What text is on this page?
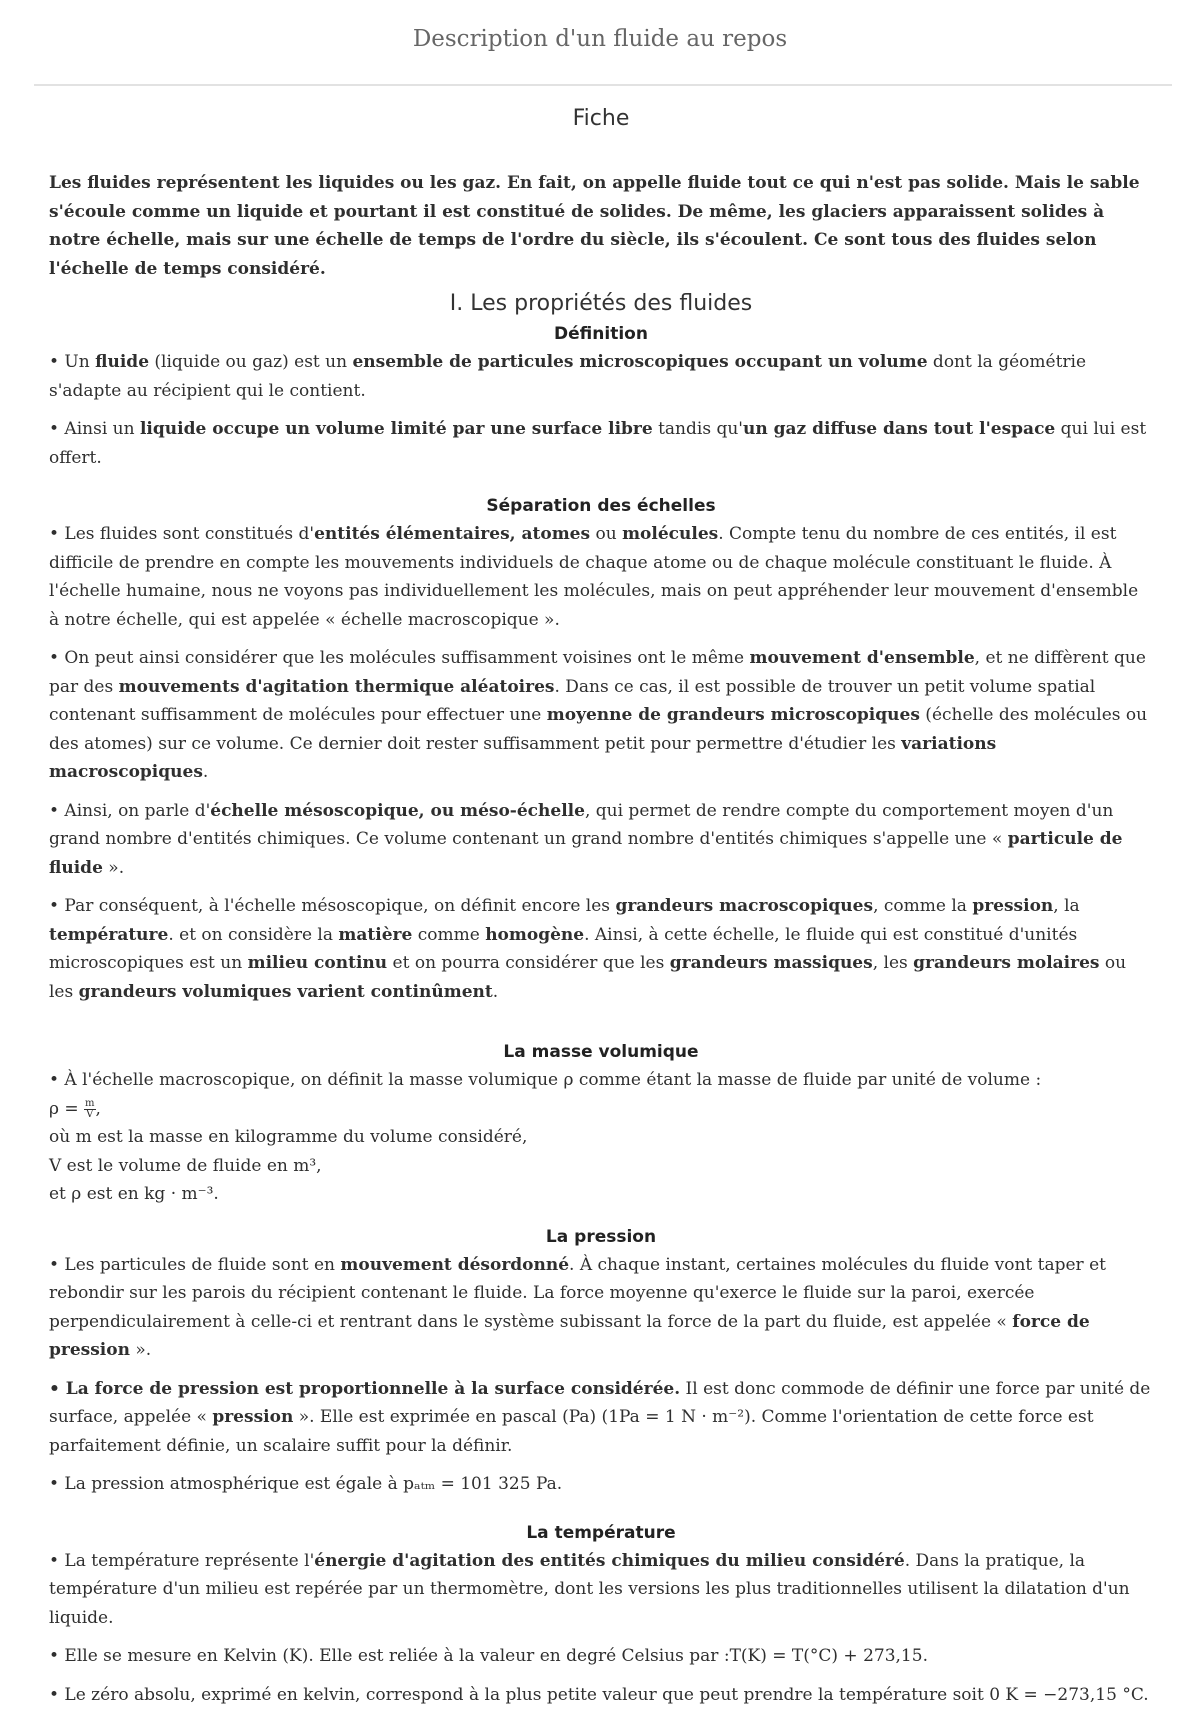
Description d'un fluide au repos
Fiche

Les fluides représentent les liquides ou les gaz. En fait, on appelle fluide tout ce qui n'est pas solide. Mais le sable s'écoule comme un liquide et pourtant il est constitué de solides. De même, les glaciers apparaissent solides à notre échelle, mais sur une échelle de temps de l'ordre du siècle, ils s'écoulent. Ce sont tous des fluides selon l'échelle de temps considéré.

I. Les propriétés des fluides
Définition

• Un fluide (liquide ou gaz) est un ensemble de particules microscopiques occupant un volume dont la géométrie s'adapte au récipient qui le contient.

• Ainsi un liquide occupe un volume limité par une surface libre tandis qu'un gaz diffuse dans tout l'espace qui lui est offert.

Séparation des échelles

• Les fluides sont constitués d'entités élémentaires, atomes ou molécules. Compte tenu du nombre de ces entités, il est difficile de prendre en compte les mouvements individuels de chaque atome ou de chaque molécule constituant le fluide. À l'échelle humaine, nous ne voyons pas individuellement les molécules, mais on peut appréhender leur mouvement d'ensemble à notre échelle, qui est appelée « échelle macroscopique ».

• On peut ainsi considérer que les molécules suffisamment voisines ont le même mouvement d'ensemble, et ne diffèrent que par des mouvements d'agitation thermique aléatoires. Dans ce cas, il est possible de trouver un petit volume spatial contenant suffisamment de molécules pour effectuer une moyenne de grandeurs microscopiques (échelle des molécules ou des atomes) sur ce volume. Ce dernier doit rester suffisamment petit pour permettre d'étudier les variations macroscopiques.

• Ainsi, on parle d'échelle mésoscopique, ou méso-échelle, qui permet de rendre compte du comportement moyen d'un grand nombre d'entités chimiques. Ce volume contenant un grand nombre d'entités chimiques s'appelle une « particule de fluide ».

• Par conséquent, à l'échelle mésoscopique, on définit encore les grandeurs macroscopiques, comme la pression, la température. et on considère la matière comme homogène. Ainsi, à cette échelle, le fluide qui est constitué d'unités microscopiques est un milieu continu et on pourra considérer que les grandeurs massiques, les grandeurs molaires ou les grandeurs volumiques varient continûment.

La masse volumique
• À l'échelle macroscopique, on définit la masse volumique ρ comme étant la masse de fluide par unité de volume :
$\rho = \frac{m}{V}$ ,
où m est la masse en kilogramme du volume considéré,
V est le volume de fluide en m³,
et ρ est en kg · m⁻³.
La pression

• Les particules de fluide sont en mouvement désordonné. À chaque instant, certaines molécules du fluide vont taper et rebondir sur les parois du récipient contenant le fluide. La force moyenne qu'exerce le fluide sur la paroi, exercée perpendiculairement à celle-ci et rentrant dans le système subissant la force de la part du fluide, est appelée « force de pression ».

• La force de pression est proportionnelle à la surface considérée. Il est donc commode de définir une force par unité de surface, appelée « pression ». Elle est exprimée en pascal (Pa) (1Pa = 1 N · m⁻²). Comme l'orientation de cette force est parfaitement définie, un scalaire suffit pour la définir.

• La pression atmosphérique est égale à pₐₜₘ = 101 325 Pa.

La température

• La température représente l'énergie d'agitation des entités chimiques du milieu considéré. Dans la pratique, la température d'un milieu est repérée par un thermomètre, dont les versions les plus traditionnelles utilisent la dilatation d'un liquide.

• Elle se mesure en Kelvin (K). Elle est reliée à la valeur en degré Celsius par :T(K) = T(°C) + 273,15.

• Le zéro absolu, exprimé en kelvin, correspond à la plus petite valeur que peut prendre la température soit 0 K = −273,15 °C.
